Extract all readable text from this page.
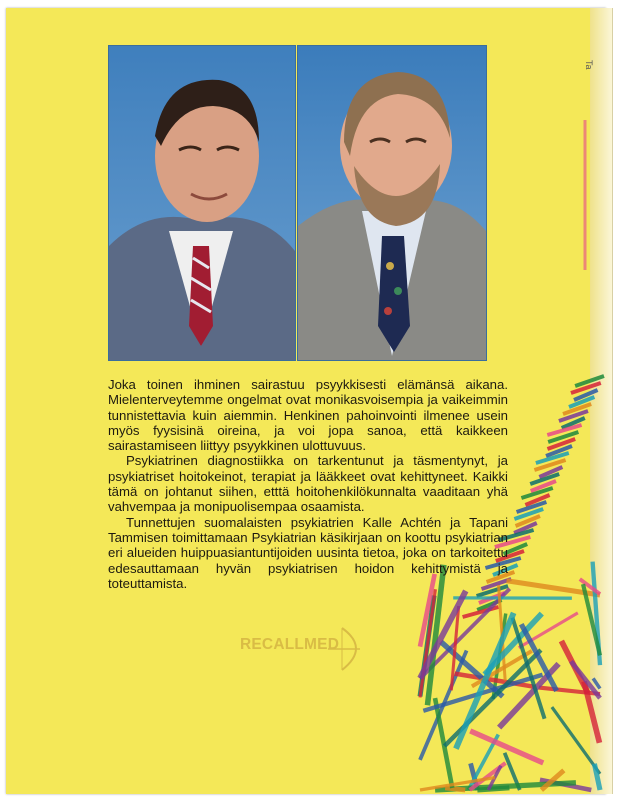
Ta

Joka toinen ihminen sairastuu psyykkisesti elämänsä aikana. Mielenterveytemme ongelmat ovat monikasvoisempia ja vaikeimmin tunnistettavia kuin aiemmin. Henkinen pahoinvointi ilmenee usein myös fyysisinä oireina, ja voi jopa sanoa, että kaikkeen sairastamiseen liittyy psyykkinen ulottuvuus.

Psykiatrinen diagnostiikka on tarkentunut ja täsmentynyt, ja psykiatriset hoitokeinot, terapiat ja lääkkeet ovat kehittyneet. Kaikki tämä on johtanut siihen, etttä hoitohenkilökunnalta vaaditaan yhä vahvempaa ja monipuolisempaa osaamista.

Tunnettujen suomalaisten psykiatrien Kalle Achtén ja Tapani Tammisen toimittamaan Psykiatrian käsikirjaan on koottu psykiatrian eri alueiden huippuasiantuntijoiden uusinta tietoa, joka on tarkoitettu edesauttamaan hyvän psykiatrisen hoidon kehittymistä ja toteuttamista.

RECALLMED
